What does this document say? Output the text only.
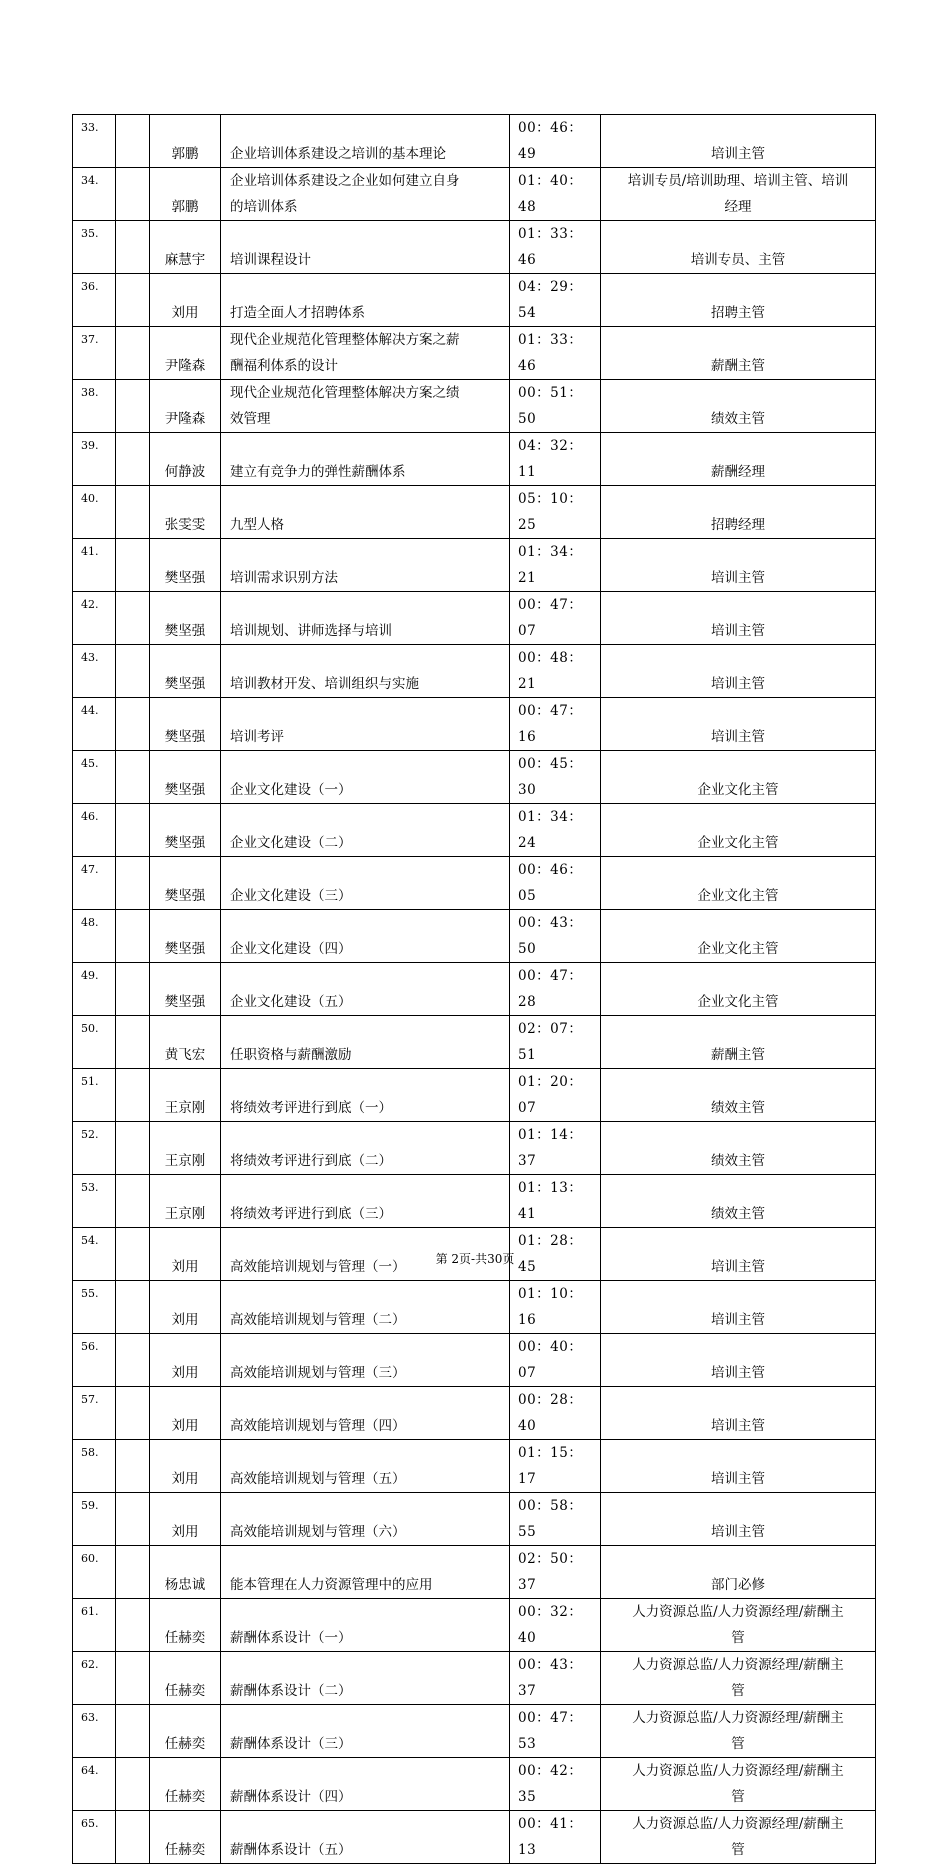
33.		郭鹏	企业培训体系建设之培训的基本理论	00：46：49	培训主管

34.		郭鹏	企业培训体系建设之企业如何建立自身
的培训体系	01：40：48	培训专员/培训助理、培训主管、培训
经理

35.		麻慧宇	培训课程设计	01：33：46	培训专员、主管

36.		刘用	打造全面人才招聘体系	04：29：54	招聘主管

37.		尹隆森	现代企业规范化管理整体解决方案之薪
酬福利体系的设计	01：33：46	薪酬主管

38.		尹隆森	现代企业规范化管理整体解决方案之绩
效管理	00：51：50	绩效主管

39.		何静波	建立有竞争力的弹性薪酬体系	04：32：11	薪酬经理

40.		张雯雯	九型人格	05：10：25	招聘经理

41.		樊坚强	培训需求识别方法	01：34：21	培训主管

42.		樊坚强	培训规划、讲师选择与培训	00：47：07	培训主管

43.		樊坚强	培训教材开发、培训组织与实施	00：48：21	培训主管

44.		樊坚强	培训考评	00：47：16	培训主管

45.		樊坚强	企业文化建设（一）	00：45：30	企业文化主管

46.		樊坚强	企业文化建设（二）	01：34：24	企业文化主管

47.		樊坚强	企业文化建设（三）	00：46：05	企业文化主管

48.		樊坚强	企业文化建设（四）	00：43：50	企业文化主管

49.		樊坚强	企业文化建设（五）	00：47：28	企业文化主管

50.		黄飞宏	任职资格与薪酬激励	02：07：51	薪酬主管

51.		王京刚	将绩效考评进行到底（一）	01：20：07	绩效主管

52.		王京刚	将绩效考评进行到底（二）	01：14：37	绩效主管

53.		王京刚	将绩效考评进行到底（三）	01：13：41	绩效主管

54.		刘用	高效能培训规划与管理（一）	01：28：45	培训主管

55.		刘用	高效能培训规划与管理（二）	01：10：16	培训主管

56.		刘用	高效能培训规划与管理（三）	00：40：07	培训主管

57.		刘用	高效能培训规划与管理（四）	00：28：40	培训主管

58.		刘用	高效能培训规划与管理（五）	01：15：17	培训主管

59.		刘用	高效能培训规划与管理（六）	00：58：55	培训主管

60.		杨忠诚	能本管理在人力资源管理中的应用	02：50：37	部门必修

61.		任赫奕	薪酬体系设计（一）	00：32：40	人力资源总监/人力资源经理/薪酬主
管

62.		任赫奕	薪酬体系设计（二）	00：43：37	人力资源总监/人力资源经理/薪酬主
管

63.		任赫奕	薪酬体系设计（三）	00：47：53	人力资源总监/人力资源经理/薪酬主
管

64.		任赫奕	薪酬体系设计（四）	00：42：35	人力资源总监/人力资源经理/薪酬主
管

65.		任赫奕	薪酬体系设计（五）	00：41：13	人力资源总监/人力资源经理/薪酬主
管
第 2页-共30页
